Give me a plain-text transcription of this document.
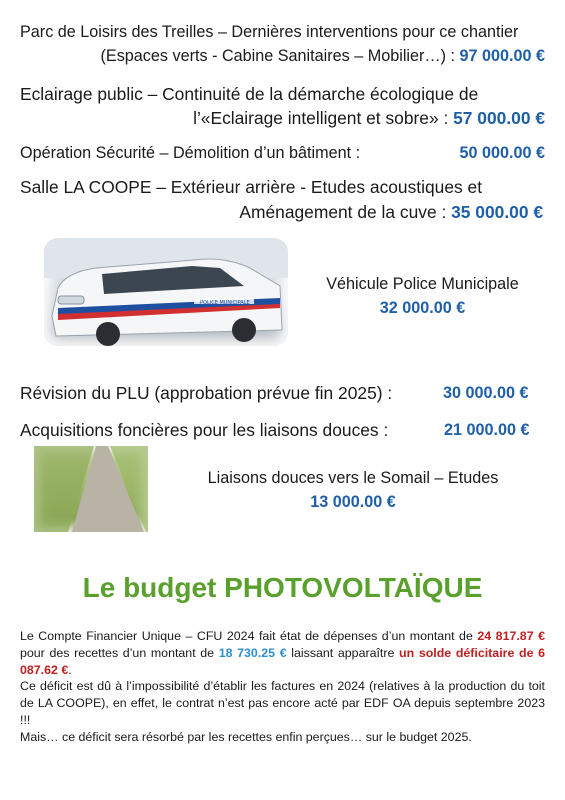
Parc de Loisirs des Treilles – Dernières interventions pour ce chantier
(Espaces verts - Cabine Sanitaires – Mobilier…) : 97 000.00 €
Eclairage public – Continuité de la démarche écologique de
l’«Eclairage intelligent et sobre» : 57 000.00 €
Opération Sécurité – Démolition d’un bâtiment :	50 000.00 €
Salle LA COOPE – Extérieur arrière - Etudes acoustiques et
Aménagement de la cuve : 35 000.00 €
POLICE MUNICIPALE
Véhicule Police Municipale
32 000.00 €
Révision du PLU (approbation prévue fin 2025) :	30 000.00 €
Acquisitions foncières pour les liaisons douces :	21 000.00 €
Liaisons douces vers le Somail – Etudes
13 000.00 €
Le budget PHOTOVOLTAÏQUE

Le Compte Financier Unique – CFU 2024 fait état de dépenses d’un montant de 24 817.87 € pour des recettes d’un montant de 18 730.25 € laissant apparaître un solde déficitaire de 6 087.62 €.

Ce déficit est dû à l’impossibilité d’établir les factures en 2024 (relatives à la production du toit de LA COOPE), en effet, le contrat n’est pas encore acté par EDF OA depuis septembre 2023 !!!

Mais… ce déficit sera résorbé par les recettes enfin perçues… sur le budget 2025.
